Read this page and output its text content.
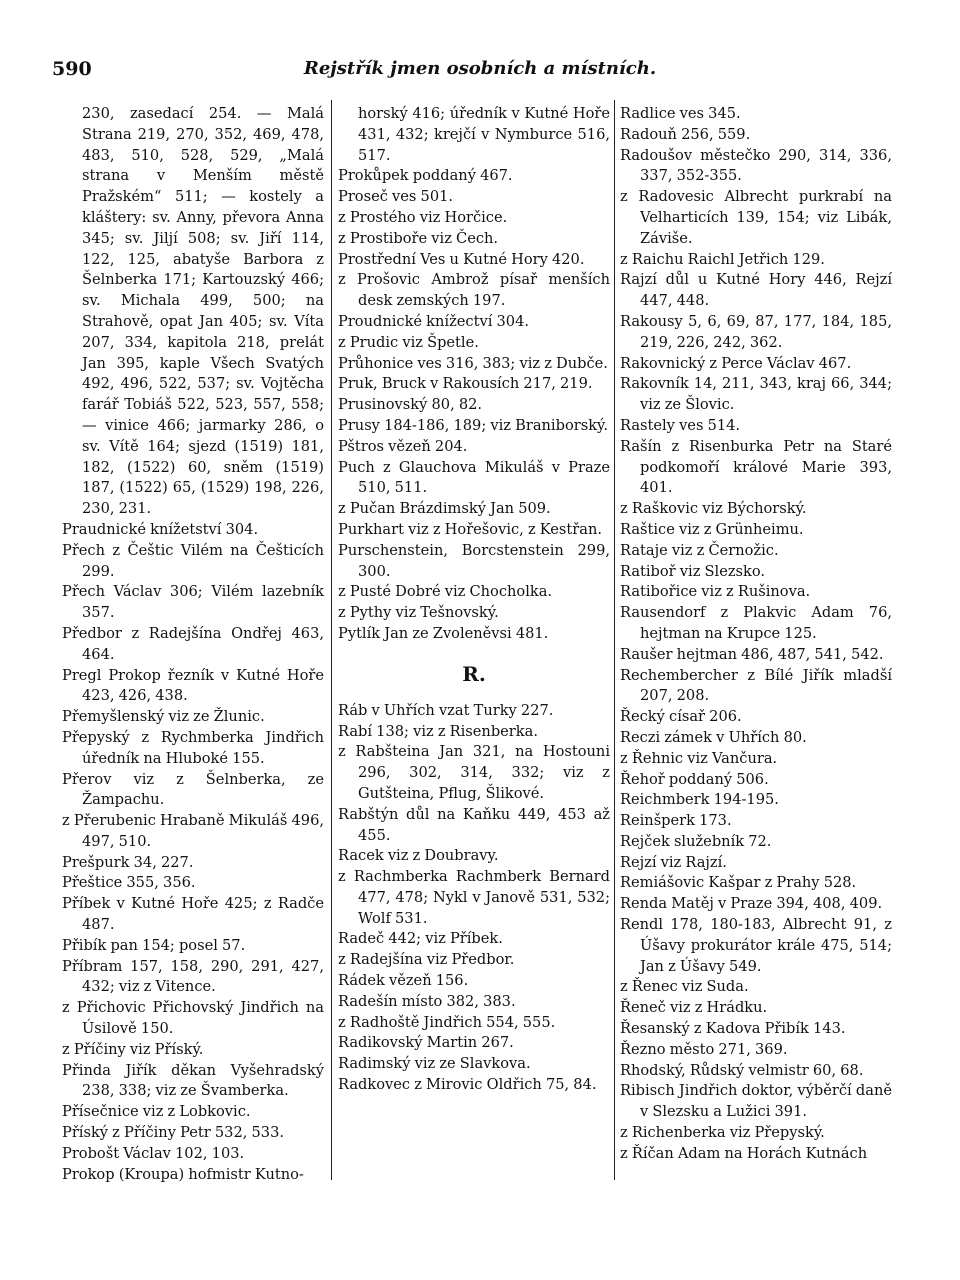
590	Rejstřík jmen osobních a místních.

230, zasedací 254. — Malá Strana 219, 270, 352, 469, 478, 483, 510, 528, 529, „Malá strana v Menším městě Pražském“ 511; — kostely a kláštery: sv. Anny, převora Anna 345; sv. Jiljí 508; sv. Jiří 114, 122, 125, abatyše Barbora z Šelnberka 171; Kartouzský 466; sv. Michala 499, 500; na Strahově, opat Jan 405; sv. Víta 207, 334, kapitola 218, prelát Jan 395, kaple Všech Svatých 492, 496, 522, 537; sv. Vojtěcha farář Tobiáš 522, 523, 557, 558; — vinice 466; jarmarky 286, o sv. Vítě 164; sjezd (1519) 181, 182, (1522) 60, sněm (1519) 187, (1522) 65, (1529) 198, 226, 230, 231.

Praudnické knížetství 304.

Přech z Češtic Vilém na Češticích 299.

Přech Václav 306; Vilém lazebník 357.

Předbor z Radejšína Ondřej 463, 464.

Pregl Prokop řezník v Kutné Hoře 423, 426, 438.

Přemyšlenský viz ze Žlunic.

Přepyský z Rychmberka Jindřich úředník na Hluboké 155.

Přerov viz z Šelnberka, ze Žampachu.

z Přerubenic Hrabaně Mikuláš 496, 497, 510.

Prešpurk 34, 227.

Přeštice 355, 356.

Příbek v Kutné Hoře 425; z Radče 487.

Přibík pan 154; posel 57.

Příbram 157, 158, 290, 291, 427, 432; viz z Vitence.

z Přichovic Přichovský Jindřich na Úsilově 150.

z Příčiny viz Příský.

Přinda Jiřík děkan Vyšehradský 238, 338; viz ze Švamberka.

Přísečnice viz z Lobkovic.

Příský z Příčiny Petr 532, 533.

Probošt Václav 102, 103.

Prokop (Kroupa) hofmistr Kutno-

horský 416; úředník v Kutné Hoře 431, 432; krejčí v Nymburce 516, 517.

Prokůpek poddaný 467.

Proseč ves 501.

z Prostého viz Horčice.

z Prostiboře viz Čech.

Prostřední Ves u Kutné Hory 420.

z Prošovic Ambrož písař menších desk zemských 197.

Proudnické knížectví 304.

z Prudic viz Špetle.

Průhonice ves 316, 383; viz z Dubče.

Pruk, Bruck v Rakousích 217, 219.

Prusinovský 80, 82.

Prusy 184-186, 189; viz Braniborský.

Pštros vězeň 204.

Puch z Glauchova Mikuláš v Praze 510, 511.

z Pučan Brázdimský Jan 509.

Purkhart viz z Hořešovic, z Kestřan.

Purschenstein, Borcstenstein 299, 300.

z Pusté Dobré viz Chocholka.

z Pythy viz Tešnovský.

Pytlík Jan ze Zvoleněvsi 481.

R.

Ráb v Uhřích vzat Turky 227.

Rabí 138; viz z Risenberka.

z Rabšteina Jan 321, na Hostouni 296, 302, 314, 332; viz z Gutšteina, Pflug, Šlikové.

Rabštýn důl na Kaňku 449, 453 až 455.

Racek viz z Doubravy.

z Rachmberka Rachmberk Bernard 477, 478; Nykl v Janově 531, 532; Wolf 531.

Radeč 442; viz Příbek.

z Radejšína viz Předbor.

Rádek vězeň 156.

Radešín místo 382, 383.

z Radhoště Jindřich 554, 555.

Radikovský Martin 267.

Radimský viz ze Slavkova.

Radkovec z Mirovic Oldřich 75, 84.

Radlice ves 345.

Radouň 256, 559.

Radoušov městečko 290, 314, 336, 337, 352-355.

z Radovesic Albrecht purkrabí na Velharticích 139, 154; viz Libák, Záviše.

z Raichu Raichl Jetřich 129.

Rajzí důl u Kutné Hory 446, Rejzí 447, 448.

Rakousy 5, 6, 69, 87, 177, 184, 185, 219, 226, 242, 362.

Rakovnický z Perce Václav 467.

Rakovník 14, 211, 343, kraj 66, 344; viz ze Šlovic.

Rastely ves 514.

Rašín z Risenburka Petr na Staré podkomoří králové Marie 393, 401.

z Raškovic viz Býchorský.

Raštice viz z Grünheimu.

Rataje viz z Černožic.

Ratiboř viz Slezsko.

Ratibořice viz z Rušinova.

Rausendorf z Plakvic Adam 76, hejtman na Krupce 125.

Raušer hejtman 486, 487, 541, 542.

Rechembercher z Bílé Jiřík mladší 207, 208.

Řecký císař 206.

Reczi zámek v Uhřích 80.

z Řehnic viz Vančura.

Řehoř poddaný 506.

Reichmberk 194-195.

Reinšperk 173.

Rejček služebník 72.

Rejzí viz Rajzí.

Remiášovic Kašpar z Prahy 528.

Renda Matěj v Praze 394, 408, 409.

Rendl 178, 180-183, Albrecht 91, z Úšavy prokurátor krále 475, 514; Jan z Úšavy 549.

z Řenec viz Suda.

Řeneč viz z Hrádku.

Řesanský z Kadova Přibík 143.

Řezno město 271, 369.

Rhodský, Růdský velmistr 60, 68.

Ribisch Jindřich doktor, výběrčí daně v Slezsku a Lužici 391.

z Richenberka viz Přepyský.

z Říčan Adam na Horách Kutnách
